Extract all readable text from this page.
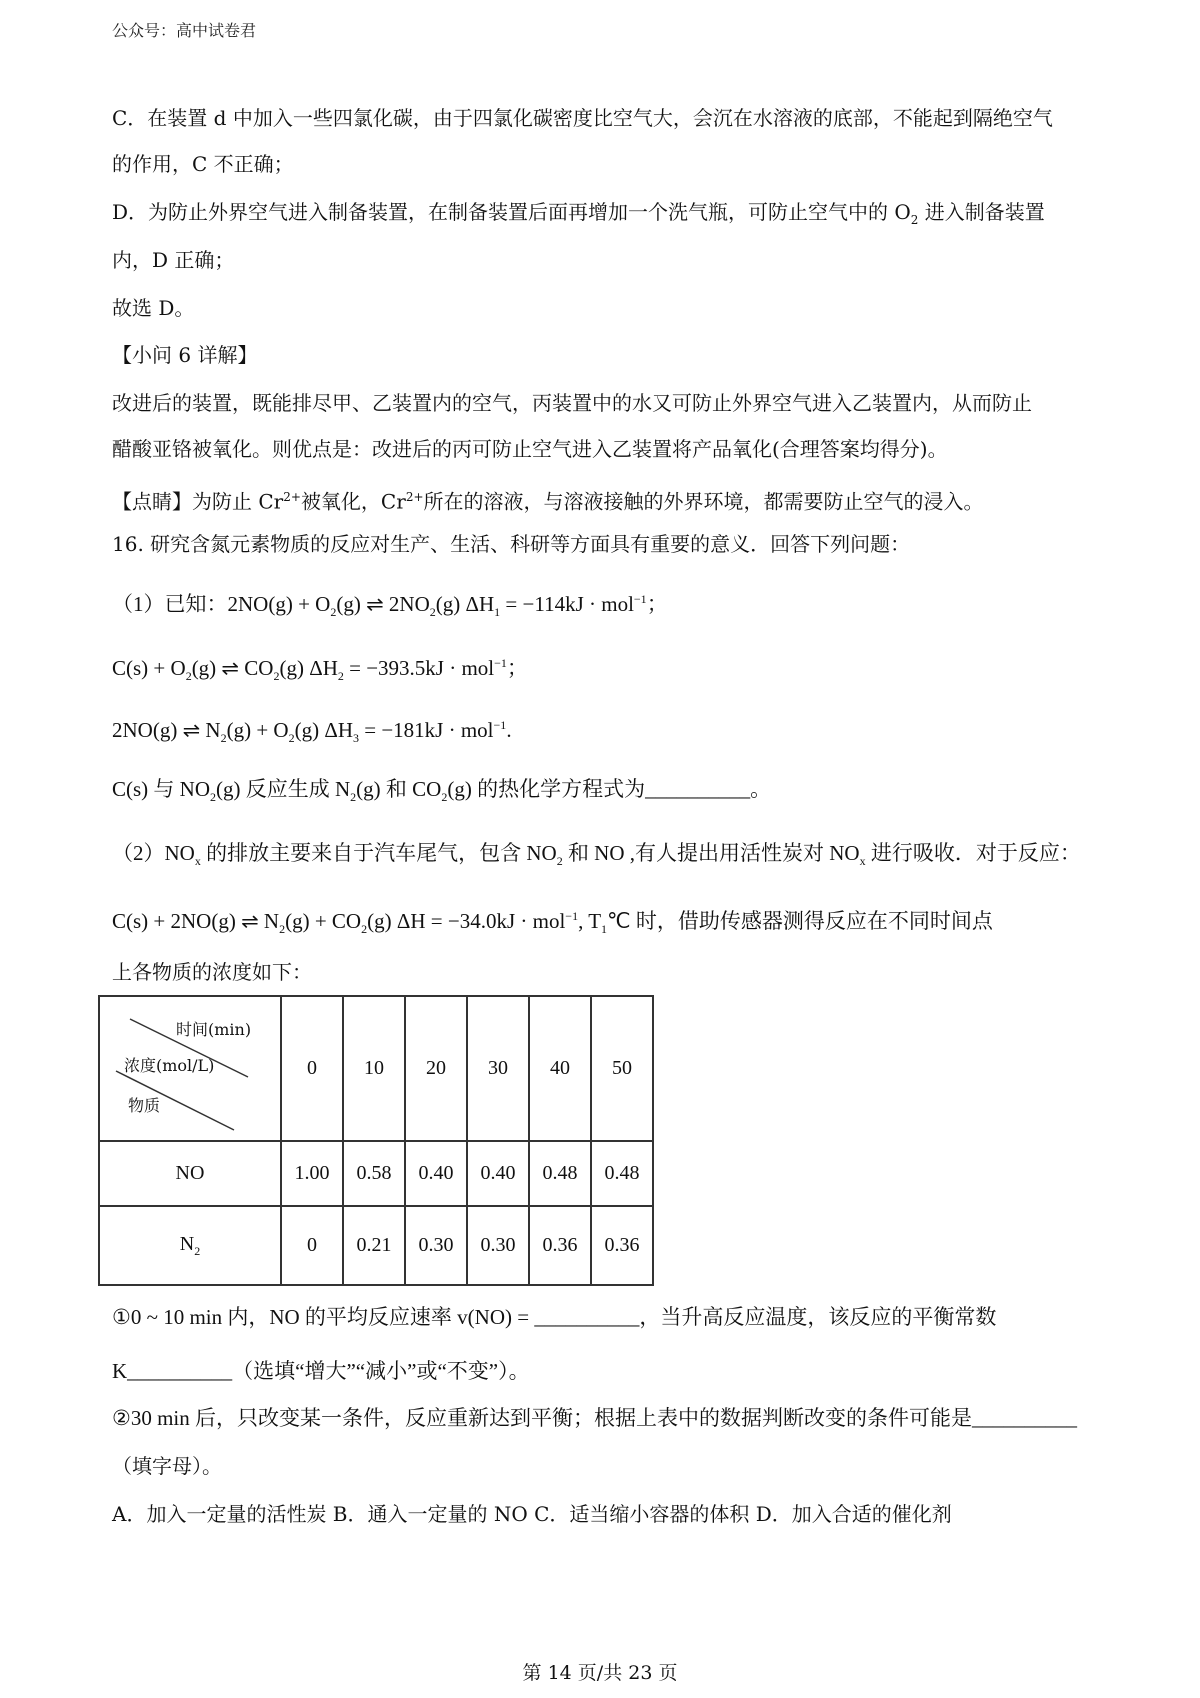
公众号：高中试卷君
C．在装置 d 中加入一些四氯化碳，由于四氯化碳密度比空气大，会沉在水溶液的底部，不能起到隔绝空气
的作用，C 不正确；
D．为防止外界空气进入制备装置，在制备装置后面再增加一个洗气瓶，可防止空气中的 $O_2$ 进入制备装置
内，D 正确；
故选 D。
【小问 6 详解】
改进后的装置，既能排尽甲、乙装置内的空气，丙装置中的水又可防止外界空气进入乙装置内，从而防止
醋酸亚铬被氧化。则优点是：改进后的丙可防止空气进入乙装置将产品氧化(合理答案均得分)。
【点睛】为防止 $Cr^{2+}$被氧化，$Cr^{2+}$所在的溶液，与溶液接触的外界环境，都需要防止空气的浸入。
16. 研究含氮元素物质的反应对生产、生活、科研等方面具有重要的意义．回答下列问题：
（1）已知：$2NO(g) + O_2(g)$ ⇌ $2NO_2(g) \Delta H_1 = -114kJ \cdot mol^{-1}$；
$C(s) + O_2(g)$ ⇌ $CO_2(g) \Delta H_2 = -393.5kJ \cdot mol^{-1}$；
2NO(g) ⇌ $N_2(g) + O_2(g) \Delta H_3 = -181kJ \cdot mol^{-1}$.
C(s) 与 $NO_2(g)$ 反应生成 $N_2(g)$ 和 $CO_2(g)$ 的热化学方程式为__________。
$(2)NO_x$ 的排放主要来自于汽车尾气，包含 $NO_2$ 和 NO ,有人提出用活性炭对 $NO_x$ 进行吸收．对于反应：
C(s) + 2NO(g) ⇌ $N_2(g) + CO_2(g) \Delta H = -34.0kJ \cdot mol^{-1}$, $T_1℃$ 时，借助传感器测得反应在不同时间点
上各物质的浓度如下：
①0 ~ 10 min 内，NO 的平均反应速率 v(NO) = __________，当升高反应温度，该反应的平衡常数
K__________（选填“增大”“减小”或“不变”）。
②30 min 后，只改变某一条件，反应重新达到平衡；根据上表中的数据判断改变的条件可能是__________
（填字母）。
A．加入一定量的活性炭 B．通入一定量的 NO C．适当缩小容器的体积 D．加入合适的催化剂
时间(min)
浓度(mol/L)
物质	0	10	20	30	40	50
NO	1.00	0.58	0.40	0.40	0.48	0.48
$N_2$	0	0.21	0.30	0.30	0.36	0.36
第 14 页/共 23 页
